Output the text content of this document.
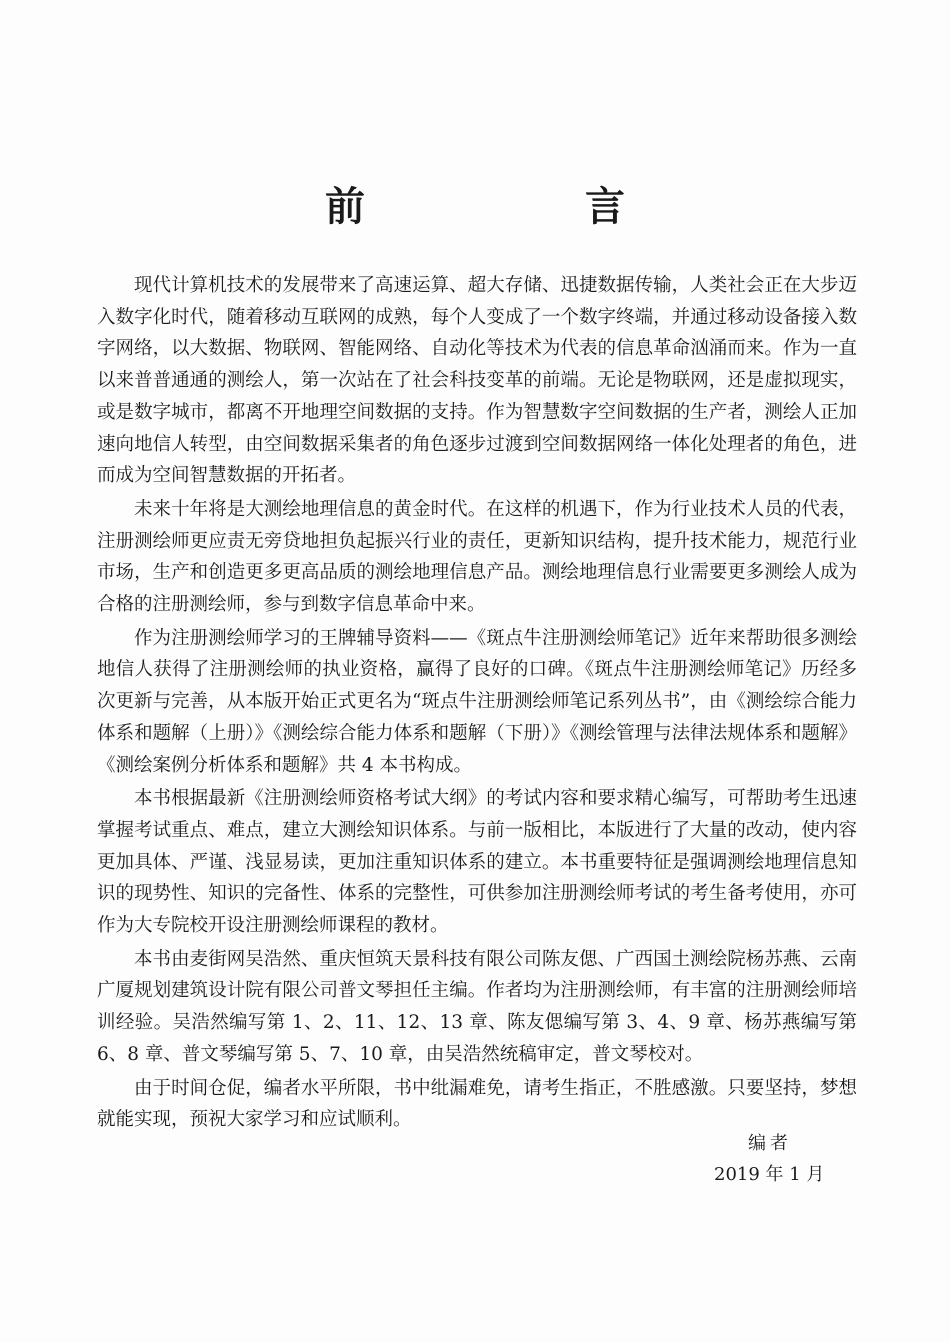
前　言

现代计算机技术的发展带来了高速运算、超大存储、迅捷数据传输，人类社会正在大步迈入数字化时代，随着移动互联网的成熟，每个人变成了一个数字终端，并通过移动设备接入数字网络，以大数据、物联网、智能网络、自动化等技术为代表的信息革命汹涌而来。作为一直以来普普通通的测绘人，第一次站在了社会科技变革的前端。无论是物联网，还是虚拟现实，或是数字城市，都离不开地理空间数据的支持。作为智慧数字空间数据的生产者，测绘人正加速向地信人转型，由空间数据采集者的角色逐步过渡到空间数据网络一体化处理者的角色，进而成为空间智慧数据的开拓者。

未来十年将是大测绘地理信息的黄金时代。在这样的机遇下，作为行业技术人员的代表，注册测绘师更应责无旁贷地担负起振兴行业的责任，更新知识结构，提升技术能力，规范行业市场，生产和创造更多更高品质的测绘地理信息产品。测绘地理信息行业需要更多测绘人成为合格的注册测绘师，参与到数字信息革命中来。

作为注册测绘师学习的王牌辅导资料——《斑点牛注册测绘师笔记》近年来帮助很多测绘地信人获得了注册测绘师的执业资格，赢得了良好的口碑。《斑点牛注册测绘师笔记》历经多次更新与完善，从本版开始正式更名为“斑点牛注册测绘师笔记系列丛书”，由《测绘综合能力体系和题解（上册）》《测绘综合能力体系和题解（下册）》《测绘管理与法律法规体系和题解》《测绘案例分析体系和题解》共 4 本书构成。

本书根据最新《注册测绘师资格考试大纲》的考试内容和要求精心编写，可帮助考生迅速掌握考试重点、难点，建立大测绘知识体系。与前一版相比，本版进行了大量的改动，使内容更加具体、严谨、浅显易读，更加注重知识体系的建立。本书重要特征是强调测绘地理信息知识的现势性、知识的完备性、体系的完整性，可供参加注册测绘师考试的考生备考使用，亦可作为大专院校开设注册测绘师课程的教材。

本书由麦街网吴浩然、重庆恒筑天景科技有限公司陈友偲、广西国土测绘院杨苏燕、云南广厦规划建筑设计院有限公司普文琴担任主编。作者均为注册测绘师，有丰富的注册测绘师培训经验。吴浩然编写第 1、2、11、12、13 章、陈友偲编写第 3、4、9 章、杨苏燕编写第 6、8 章、普文琴编写第 5、7、10 章，由吴浩然统稿审定，普文琴校对。

由于时间仓促，编者水平所限，书中纰漏难免，请考生指正，不胜感激。只要坚持，梦想就能实现，预祝大家学习和应试顺利。

编者
2019 年 1 月
